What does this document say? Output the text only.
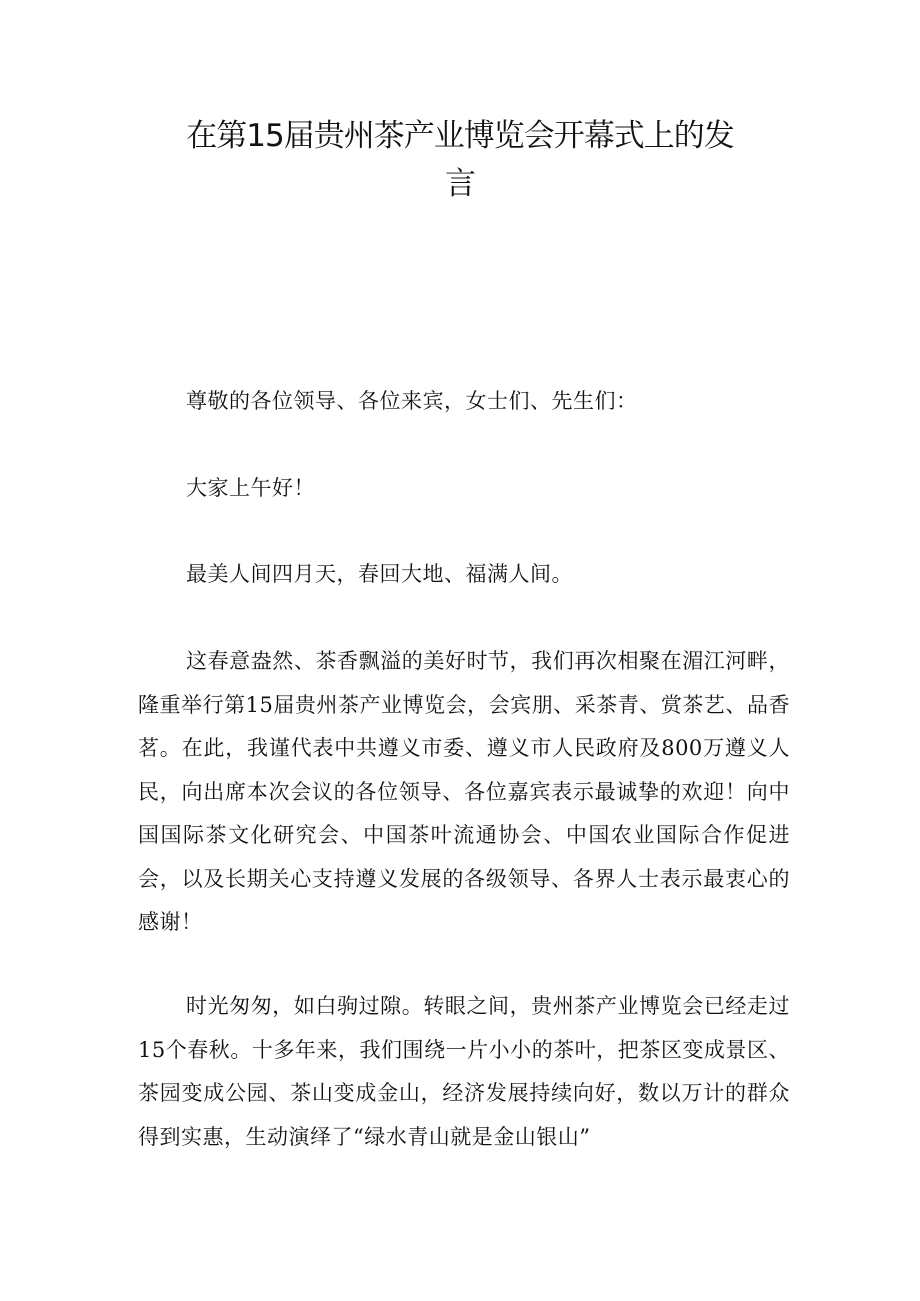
在第15届贵州茶产业博览会开幕式上的发
言

尊敬的各位领导、各位来宾，女士们、先生们：

大家上午好！

最美人间四月天，春回大地、福满人间。

这春意盎然、茶香飘溢的美好时节，我们再次相聚在湄江河畔，隆重举行第15届贵州茶产业博览会，会宾朋、采茶青、赏茶艺、品香茗。在此，我谨代表中共遵义市委、遵义市人民政府及800万遵义人民，向出席本次会议的各位领导、各位嘉宾表示最诚挚的欢迎！向中国国际茶文化研究会、中国茶叶流通协会、中国农业国际合作促进会，以及长期关心支持遵义发展的各级领导、各界人士表示最衷心的感谢！

时光匆匆，如白驹过隙。转眼之间，贵州茶产业博览会已经走过15个春秋。十多年来，我们围绕一片小小的茶叶，把茶区变成景区、茶园变成公园、茶山变成金山，经济发展持续向好，数以万计的群众得到实惠，生动演绎了“绿水青山就是金山银山”
